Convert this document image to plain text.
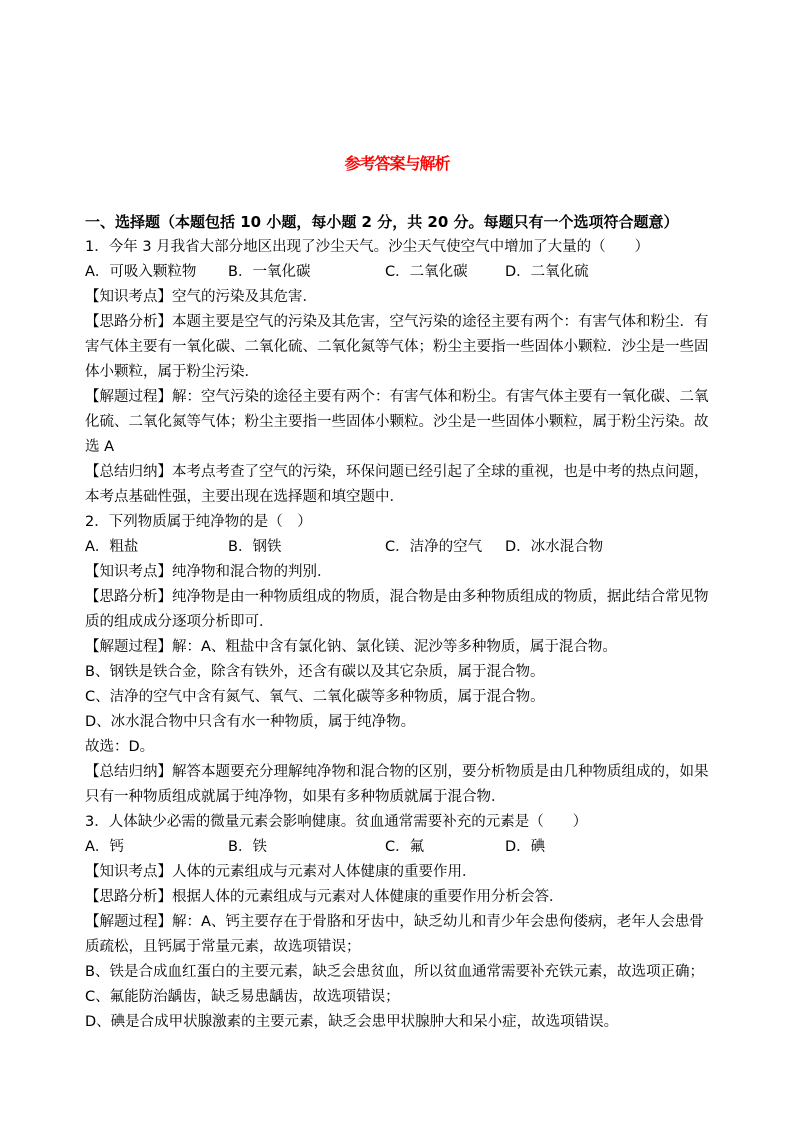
参考答案与解析
一、选择题（本题包括 10 小题，每小题 2 分，共 20 分。每题只有一个选项符合题意）
1．今年 3 月我省大部分地区出现了沙尘天气。沙尘天气使空气中增加了大量的（　　）
A．可吸入颗粒物 B．一氧化碳	C．二氧化碳	D．二氧化硫
【知识考点】空气的污染及其危害．
【思路分析】本题主要是空气的污染及其危害，空气污染的途径主要有两个：有害气体和粉尘．有
害气体主要有一氧化碳、二氧化硫、二氧化氮等气体；粉尘主要指一些固体小颗粒．沙尘是一些固
体小颗粒，属于粉尘污染．
【解题过程】解：空气污染的途径主要有两个：有害气体和粉尘。有害气体主要有一氧化碳、二氧
化硫、二氧化氮等气体；粉尘主要指一些固体小颗粒。沙尘是一些固体小颗粒，属于粉尘污染。故
选 A
【总结归纳】本考点考查了空气的污染，环保问题已经引起了全球的重视，也是中考的热点问题，
本考点基础性强，主要出现在选择题和填空题中．
2．下列物质属于纯净物的是（　）
A．粗盐	B．钢铁	C．洁净的空气 D．冰水混合物
【知识考点】纯净物和混合物的判别．
【思路分析】纯净物是由一种物质组成的物质，混合物是由多种物质组成的物质，据此结合常见物
质的组成成分逐项分析即可．
【解题过程】解：A、粗盐中含有氯化钠、氯化镁、泥沙等多种物质，属于混合物。
B、钢铁是铁合金，除含有铁外，还含有碳以及其它杂质，属于混合物。
C、洁净的空气中含有氮气、氧气、二氧化碳等多种物质，属于混合物。
D、冰水混合物中只含有水一种物质，属于纯净物。
故选：D。
【总结归纳】解答本题要充分理解纯净物和混合物的区别，要分析物质是由几种物质组成的，如果
只有一种物质组成就属于纯净物，如果有多种物质就属于混合物．
3．人体缺少必需的微量元素会影响健康。贫血通常需要补充的元素是（　　）
A．钙	B．铁	C．氟	D．碘
【知识考点】人体的元素组成与元素对人体健康的重要作用．
【思路分析】根据人体的元素组成与元素对人体健康的重要作用分析会答．
【解题过程】解：A、钙主要存在于骨胳和牙齿中，缺乏幼儿和青少年会患佝偻病，老年人会患骨
质疏松，且钙属于常量元素，故选项错误；
B、铁是合成血红蛋白的主要元素，缺乏会患贫血，所以贫血通常需要补充铁元素，故选项正确；
C、氟能防治龋齿，缺乏易患龋齿，故选项错误；
D、碘是合成甲状腺激素的主要元素，缺乏会患甲状腺肿大和呆小症，故选项错误。
